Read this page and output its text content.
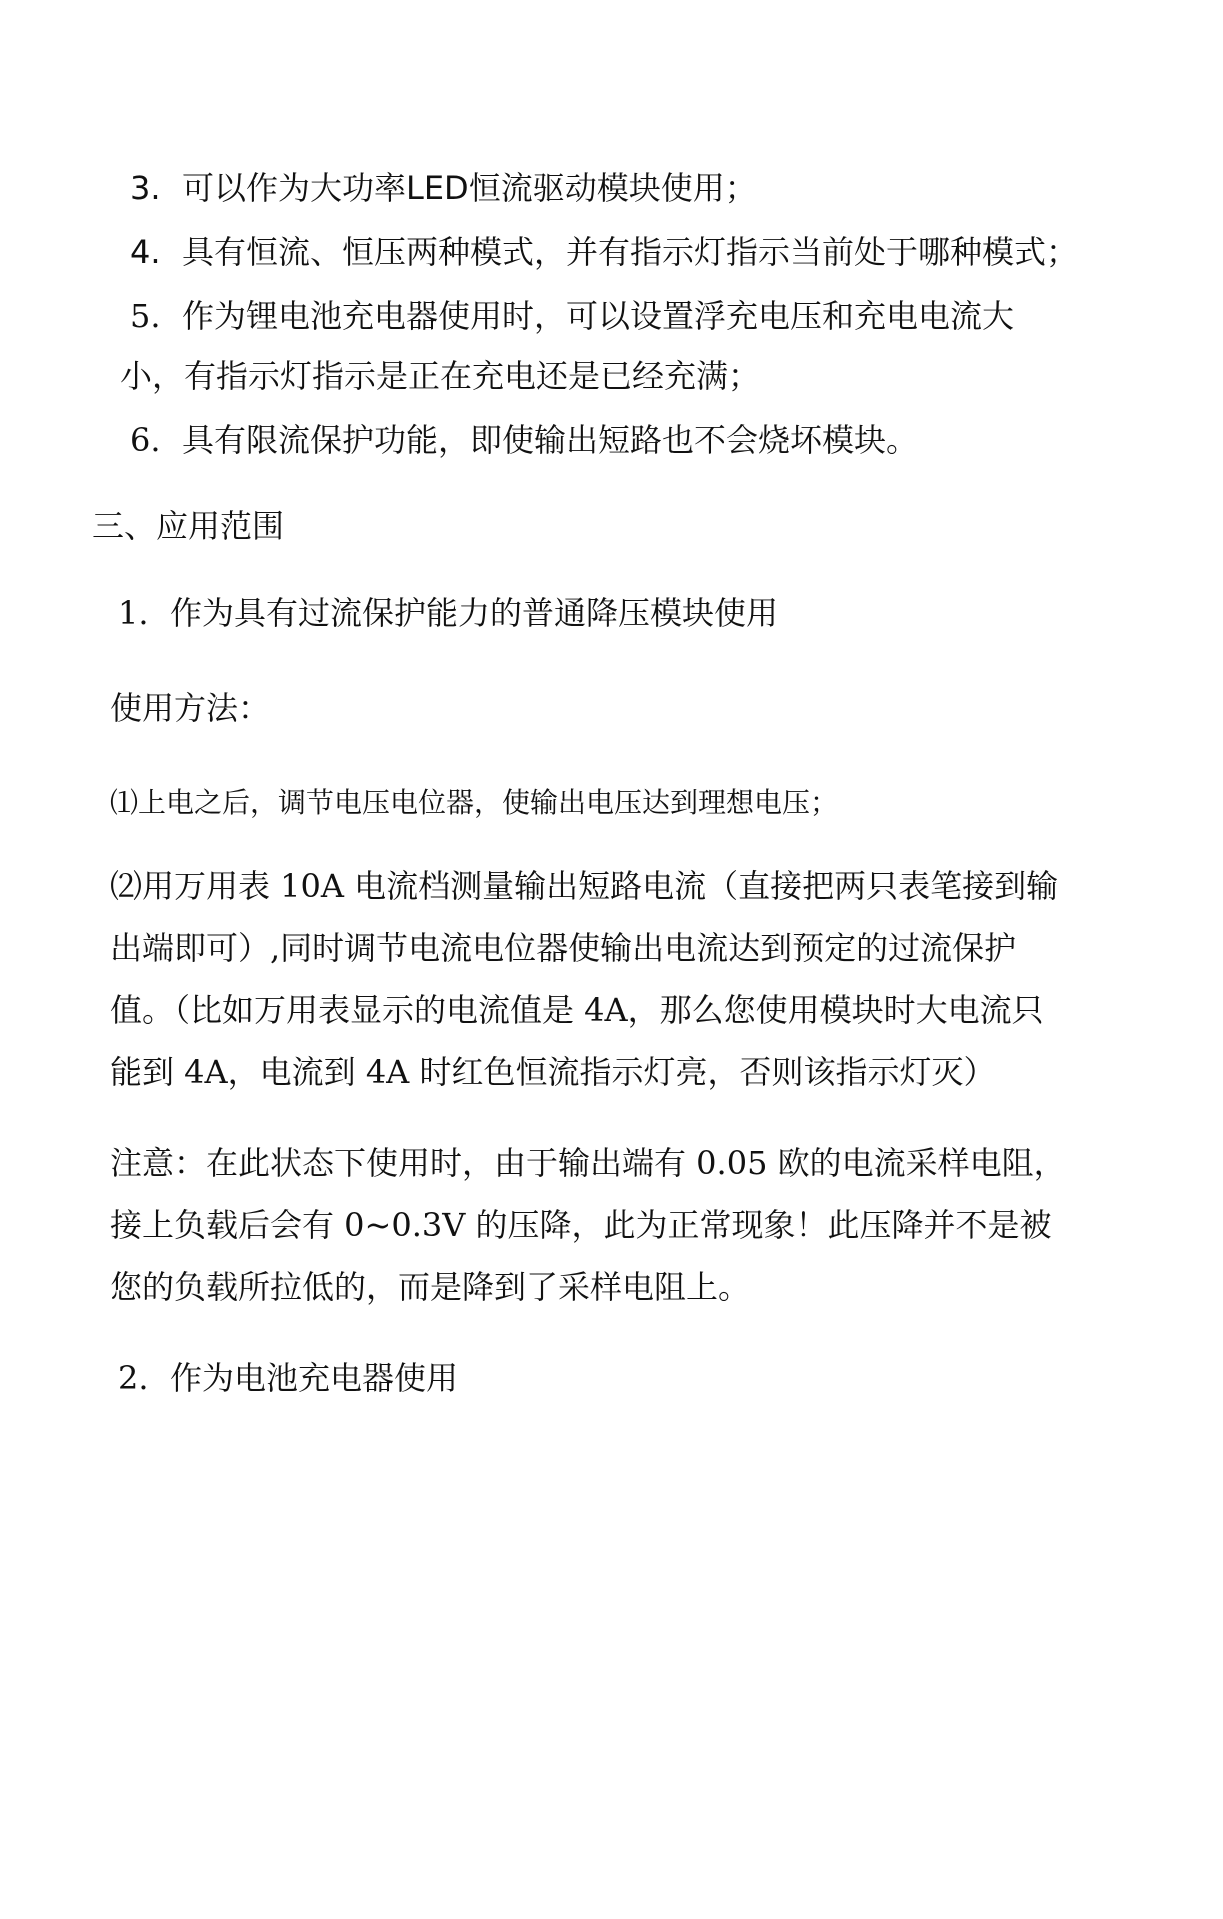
3. 可以作为大功率LED恒流驱动模块使用；
4. 具有恒流、恒压两种模式，并有指示灯指示当前处于哪种模式；
5. 作为锂电池充电器使用时，可以设置浮充电压和充电电流大
小，有指示灯指示是正在充电还是已经充满；
6. 具有限流保护功能，即使输出短路也不会烧坏模块。
三、应用范围
1. 作为具有过流保护能力的普通降压模块使用
使用方法：
⑴上电之后，调节电压电位器，使输出电压达到理想电压；
⑵用万用表 10A 电流档测量输出短路电流（直接把两只表笔接到输
出端即可）,同时调节电流电位器使输出电流达到预定的过流保护
值。（比如万用表显示的电流值是 4A，那么您使用模块时大电流只
能到 4A，电流到 4A 时红色恒流指示灯亮，否则该指示灯灭）
注意：在此状态下使用时，由于输出端有 0.05 欧的电流采样电阻，
接上负载后会有 0~0.3V 的压降，此为正常现象！此压降并不是被
您的负载所拉低的，而是降到了采样电阻上。
2. 作为电池充电器使用
